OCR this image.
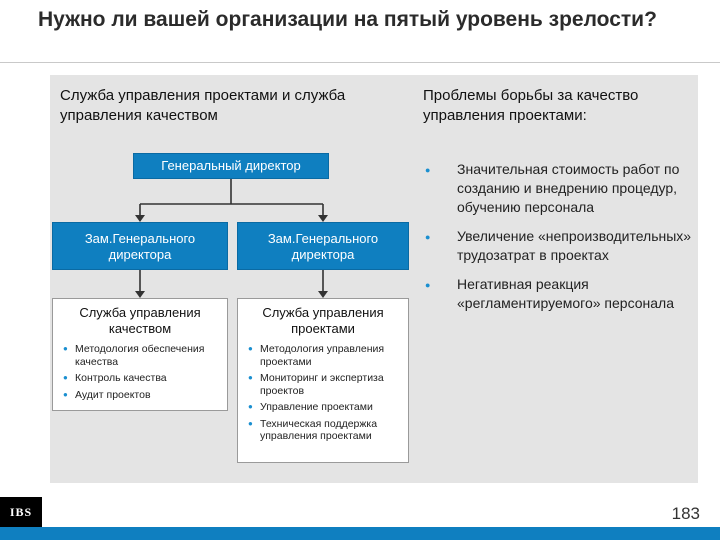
Нужно ли вашей организации на пятый уровень зрелости?
Служба управления проектами и служба управления качеством
Проблемы борьбы за качество управления проектами:
Генеральный директор
Зам.Генерального директора
Зам.Генерального директора
Служба управления качеством
● Методология обеспечения качества
● Контроль качества
● Аудит проектов
Служба управления проектами
● Методология управления проектами
● Мониторинг и экспертиза проектов
● Управление проектами
● Техническая поддержка управления проектами
● Значительная стоимость работ по созданию и внедрению процедур, обучению персонала
● Увеличение «непроизводительных» трудозатрат в проектах
● Негативная реакция «регламентируемого» персонала
IBS	183
